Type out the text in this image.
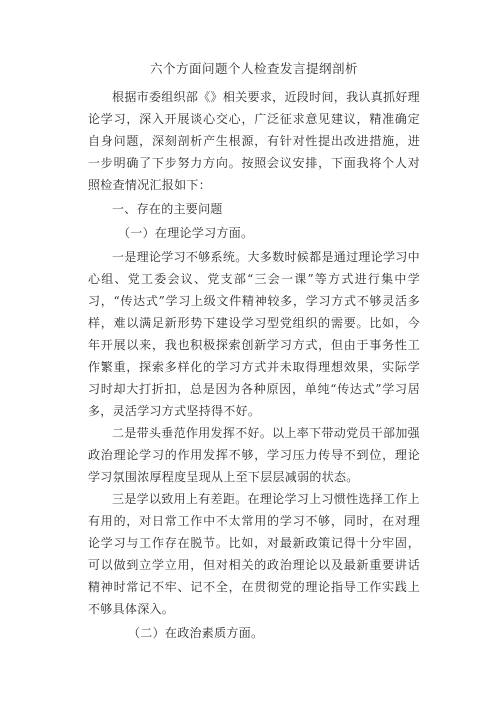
六个方面问题个人检查发言提纲剖析

根据市委组织部《》相关要求，近段时间，我认真抓好理论学习，深入开展谈心交心，广泛征求意见建议，精准确定自身问题，深刻剖析产生根源，有针对性提出改进措施，进一步明确了下步努力方向。按照会议安排，下面我将个人对照检查情况汇报如下：

一、存在的主要问题

（一）在理论学习方面。

一是理论学习不够系统。大多数时候都是通过理论学习中心组、党工委会议、党支部“三会一课”等方式进行集中学习，“传达式”学习上级文件精神较多，学习方式不够灵活多样，难以满足新形势下建设学习型党组织的需要。比如，今年开展以来，我也积极探索创新学习方式，但由于事务性工作繁重，探索多样化的学习方式并未取得理想效果，实际学习时却大打折扣，总是因为各种原因，单纯“传达式”学习居多，灵活学习方式坚持得不好。

二是带头垂范作用发挥不好。以上率下带动党员干部加强政治理论学习的作用发挥不够，学习压力传导不到位，理论学习氛围浓厚程度呈现从上至下层层减弱的状态。

三是学以致用上有差距。在理论学习上习惯性选择工作上有用的，对日常工作中不太常用的学习不够，同时，在对理论学习与工作存在脱节。比如，对最新政策记得十分牢固，可以做到立学立用，但对相关的政治理论以及最新重要讲话精神时常记不牢、记不全，在贯彻党的理论指导工作实践上不够具体深入。

（二）在政治素质方面。
